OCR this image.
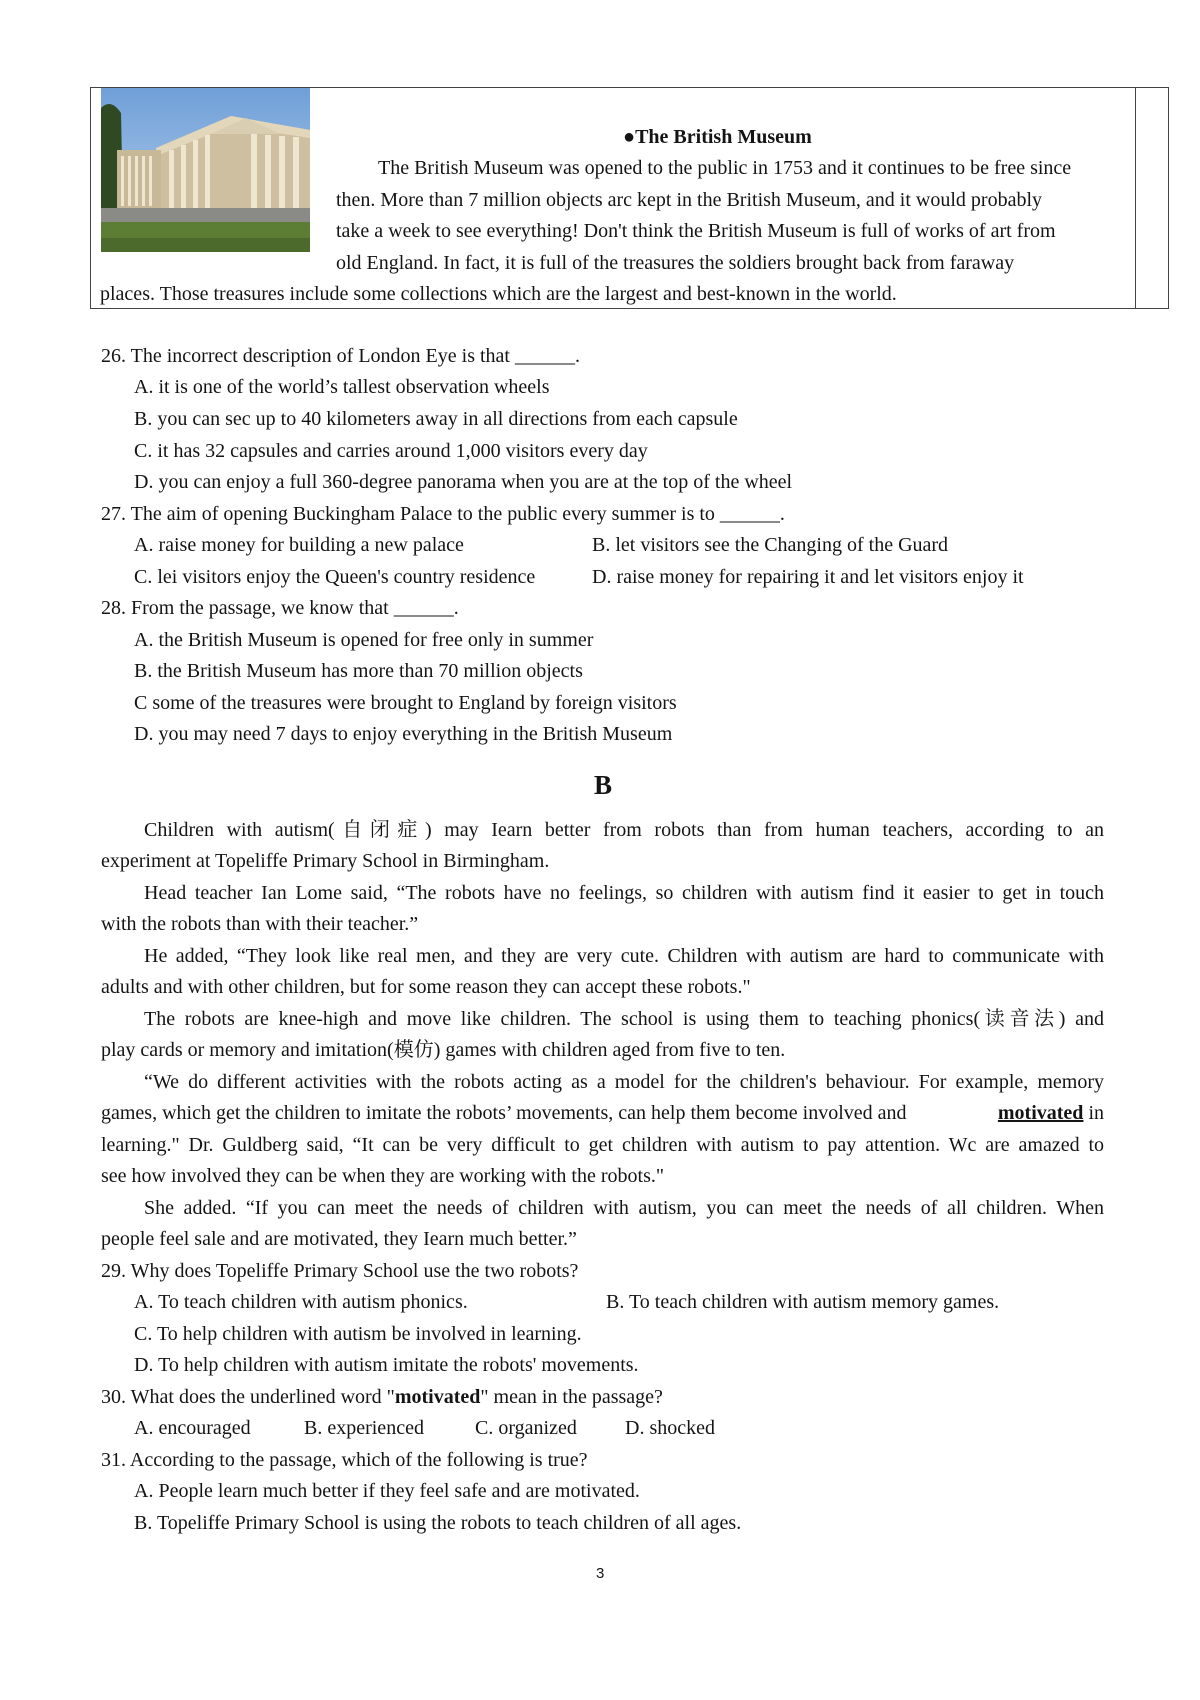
●The British Museum
The British Museum was opened to the public in 1753 and it continues to be free since
then. More than 7 million objects arc kept in the British Museum, and it would probably
take a week to see everything! Don't think the British Museum is full of works of art from
old England. In fact, it is full of the treasures the soldiers brought back from faraway
places. Those treasures include some collections which are the largest and best-known in the world.
26. The incorrect description of London Eye is that ______.
A. it is one of the world’s tallest observation wheels
B. you can sec up to 40 kilometers away in all directions from each capsule
C. it has 32 capsules and carries around 1,000 visitors every day
D. you can enjoy a full 360-degree panorama when you are at the top of the wheel
27. The aim of opening Buckingham Palace to the public every summer is to ______.
A. raise money for building a new palace	B. let visitors see the Changing of the Guard
C. lei visitors enjoy the Queen's country residence	D. raise money for repairing it and let visitors enjoy it
28. From the passage, we know that ______.
A. the British Museum is opened for free only in summer
B. the British Museum has more than 70 million objects
C some of the treasures were brought to England by foreign visitors
D. you may need 7 days to enjoy everything in the British Museum
B
Children with autism(自闭症) may Iearn better from robots than from human teachers, according to an
experiment at Topeliffe Primary School in Birmingham.
Head teacher Ian Lome said, “The robots have no feelings, so children with autism find it easier to get in touch
with the robots than with their teacher.”
He added, “They look like real men, and they are very cute. Children with autism are hard to communicate with
adults and with other children, but for some reason they can accept these robots."
The robots are knee-high and move like children. The school is using them to teaching phonics(读音法) and
play cards or memory and imitation(模仿) games with children aged from five to ten.
“We do different activities with the robots acting as a model for the children's behaviour. For example, memory
games, which get the children to imitate the robots’ movements, can help them become involved and	motivated in
learning." Dr. Guldberg said, “It can be very difficult to get children with autism to pay attention. Wc are amazed to
see how involved they can be when they are working with the robots."
She added. “If you can meet the needs of children with autism, you can meet the needs of all children. When
people feel sale and are motivated, they Iearn much better.”
29. Why does Topeliffe Primary School use the two robots?
A. To teach children with autism phonics.	B. To teach children with autism memory games.
C. To help children with autism be involved in learning.
D. To help children with autism imitate the robots' movements.
30. What does the underlined word "motivated" mean in the passage?
A. encouraged	B. experienced	C. organized D. shocked
31. According to the passage, which of the following is true?
A. People learn much better if they feel safe and are motivated.
B. Topeliffe Primary School is using the robots to teach children of all ages.
3
